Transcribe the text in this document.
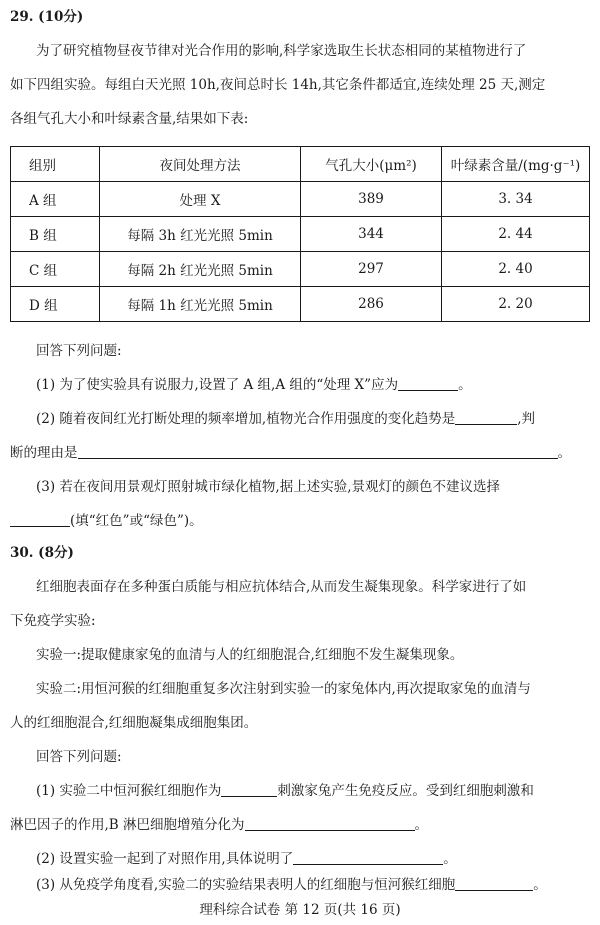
29. (10分)
为了研究植物昼夜节律对光合作用的影响,科学家选取生长状态相同的某植物进行了
如下四组实验。每组白天光照 10h,夜间总时长 14h,其它条件都适宜,连续处理 25 天,测定
各组气孔大小和叶绿素含量,结果如下表:
组别	夜间处理方法	气孔大小(μm²)	叶绿素含量/(mg·g⁻¹)
A 组	处理 X	389	3. 34
B 组	每隔 3h 红光光照 5min	344	2. 44
C 组	每隔 2h 红光光照 5min	297	2. 40
D 组	每隔 1h 红光光照 5min	286	2. 20
回答下列问题:
(1) 为了使实验具有说服力,设置了 A 组,A 组的“处理 X”应为	。
(2) 随着夜间红光打断处理的频率增加,植物光合作用强度的变化趋势是	,判
断的理由是	。
(3) 若在夜间用景观灯照射城市绿化植物,据上述实验,景观灯的颜色不建议选择
(填“红色”或“绿色”)。
30. (8分)
红细胞表面存在多种蛋白质能与相应抗体结合,从而发生凝集现象。科学家进行了如
下免疫学实验:
实验一:提取健康家兔的血清与人的红细胞混合,红细胞不发生凝集现象。
实验二:用恒河猴的红细胞重复多次注射到实验一的家兔体内,再次提取家兔的血清与
人的红细胞混合,红细胞凝集成细胞集团。
回答下列问题:
(1) 实验二中恒河猴红细胞作为	刺激家兔产生免疫反应。受到红细胞刺激和
淋巴因子的作用,B 淋巴细胞增殖分化为	。
(2) 设置实验一起到了对照作用,具体说明了	。
(3) 从免疫学角度看,实验二的实验结果表明人的红细胞与恒河猴红细胞	。
理科综合试卷 第 12 页(共 16 页)
